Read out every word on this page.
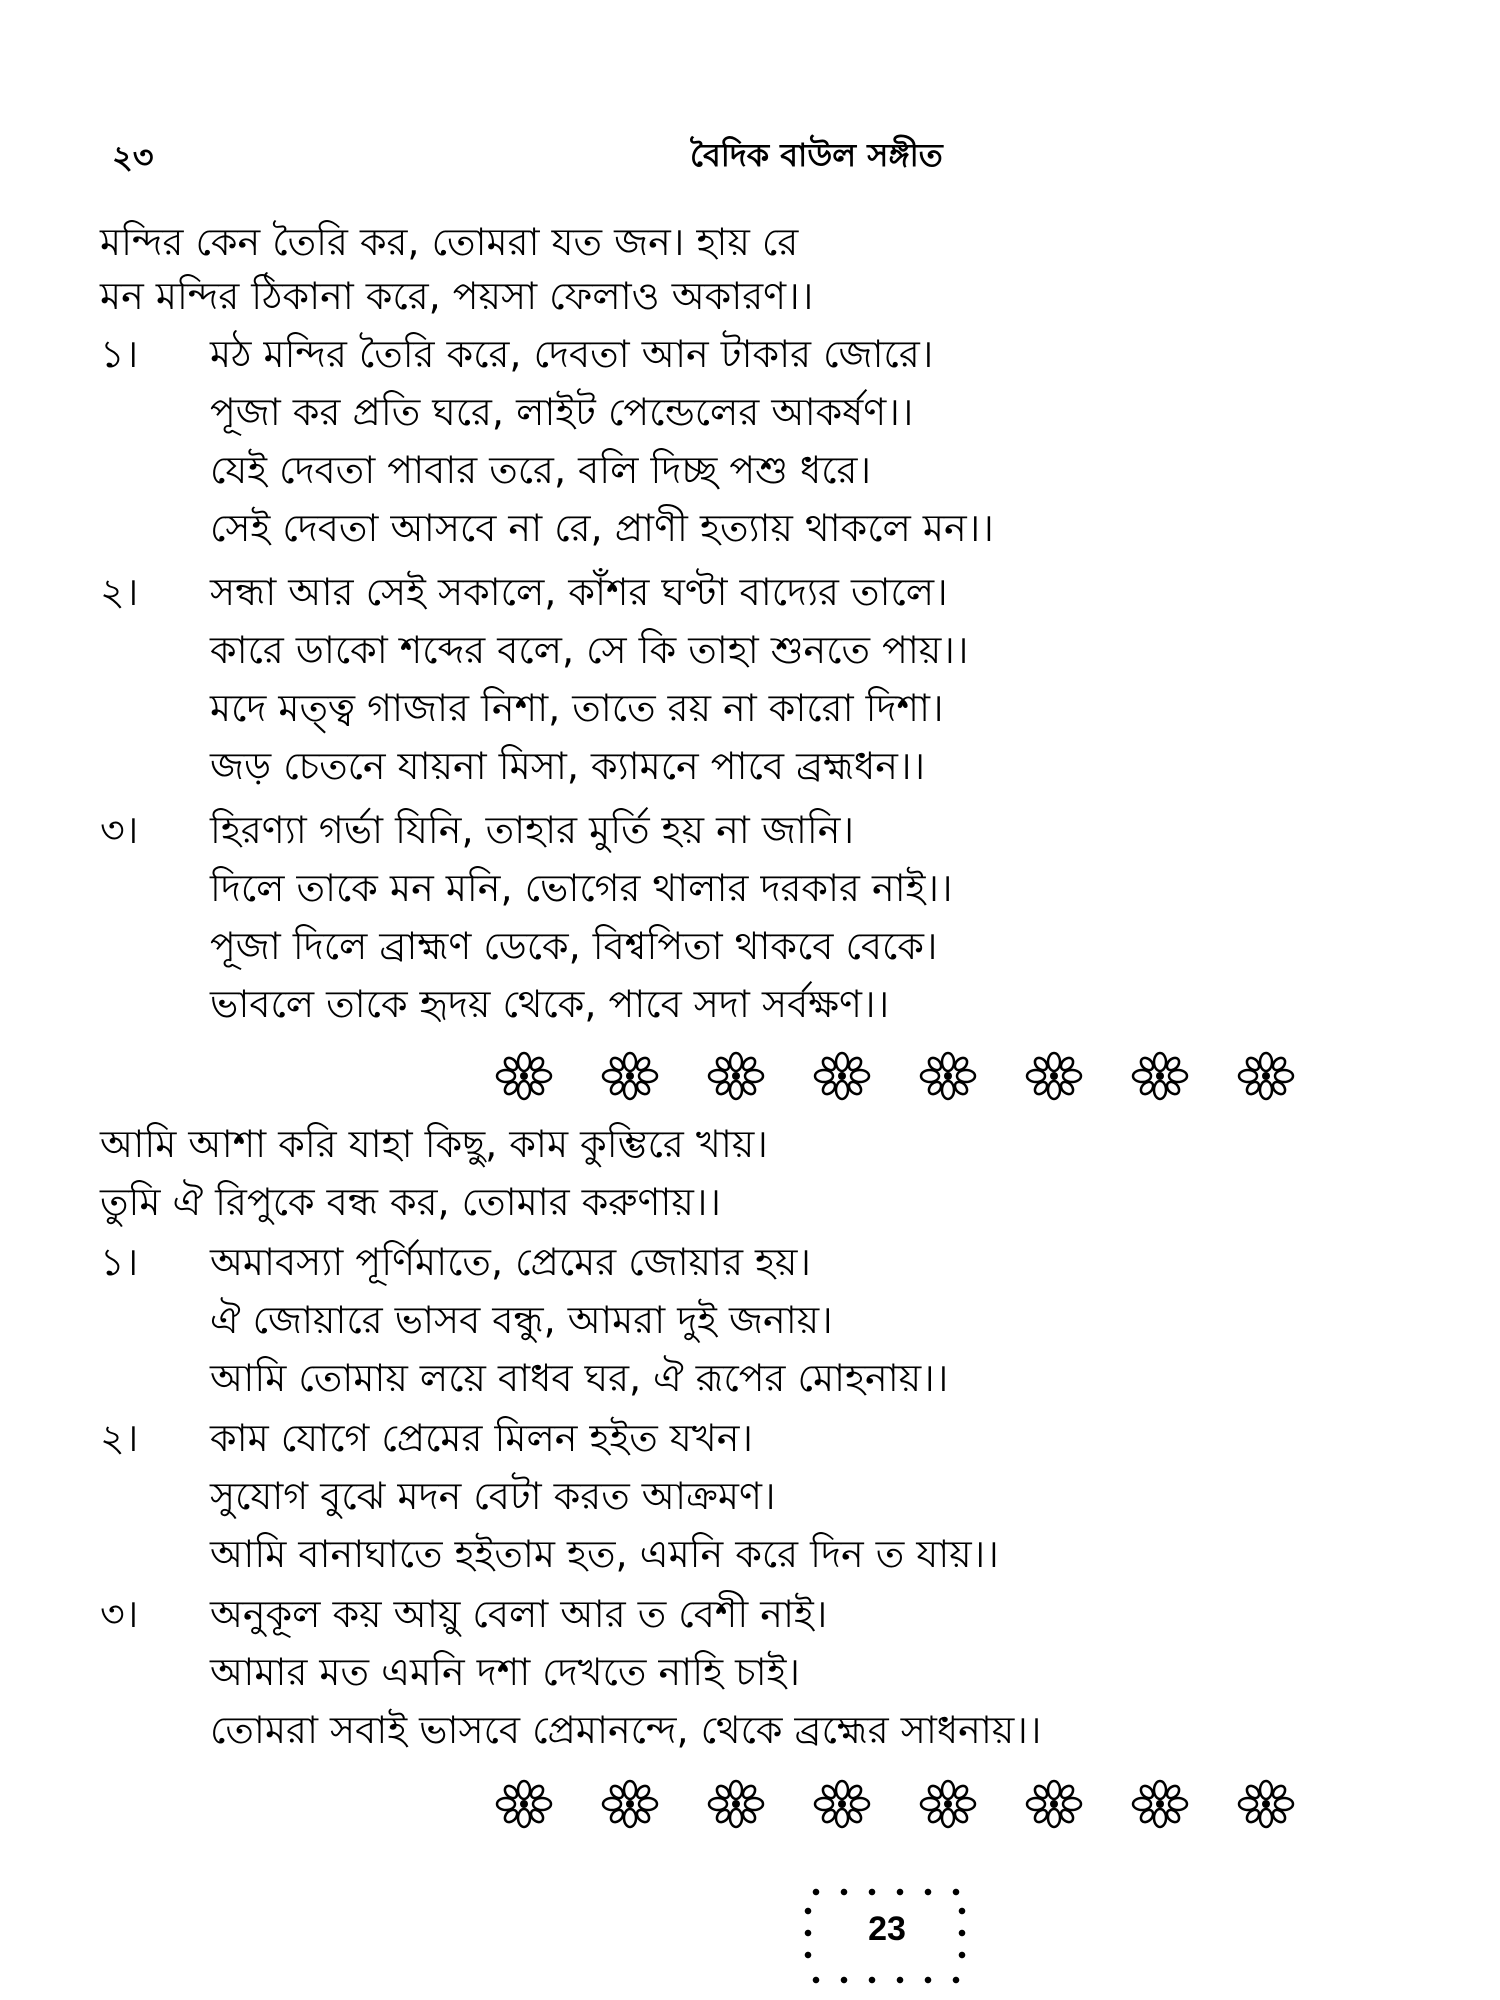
২৩	বৈদিক বাউল সঙ্গীত
মন্দির কেন তৈরি কর, তোমরা যত জন। হায় রে
মন মন্দির ঠিকানা করে, পয়সা ফেলাও অকারণ।।
১। মঠ মন্দির তৈরি করে, দেবতা আন টাকার জোরে।
পূজা কর প্রতি ঘরে, লাইট পেন্ডেলের আকর্ষণ।।
যেই দেবতা পাবার তরে, বলি দিচ্ছ পশু ধরে।
সেই দেবতা আসবে না রে, প্রাণী হত্যায় থাকলে মন।।
২। সন্ধা আর সেই সকালে, কাঁশর ঘণ্টা বাদ্যের তালে।
কারে ডাকো শব্দের বলে, সে কি তাহা শুনতে পায়।।
মদে মত্ত্ব গাজার নিশা, তাতে রয় না কারো দিশা।
জড় চেতনে যায়না মিসা, ক্যামনে পাবে ব্রহ্মধন।।
৩। হিরণ্যা গর্ভা যিনি, তাহার মুর্তি হয় না জানি।
দিলে তাকে মন মনি, ভোগের থালার দরকার নাই।।
পূজা দিলে ব্রাহ্মণ ডেকে, বিশ্বপিতা থাকবে বেকে।
ভাবলে তাকে হৃদয় থেকে, পাবে সদা সর্বক্ষণ।।
আমি আশা করি যাহা কিছু, কাম কুম্ভিরে খায়।
তুমি ঐ রিপুকে বন্ধ কর, তোমার করুণায়।।
১। অমাবস্যা পূর্ণিমাতে, প্রেমের জোয়ার হয়।
ঐ জোয়ারে ভাসব বন্ধু, আমরা দুই জনায়।
আমি তোমায় লয়ে বাধব ঘর, ঐ রূপের মোহনায়।।
২। কাম যোগে প্রেমের মিলন হইত যখন।
সুযোগ বুঝে মদন বেটা করত আক্রমণ।
আমি বানাঘাতে হইতাম হত, এমনি করে দিন ত যায়।।
৩। অনুকূল কয় আয়ু বেলা আর ত বেশী নাই।
আমার মত এমনি দশা দেখতে নাহি চাই।
তোমরা সবাই ভাসবে প্রেমানন্দে, থেকে ব্রহ্মের সাধনায়।।
23
